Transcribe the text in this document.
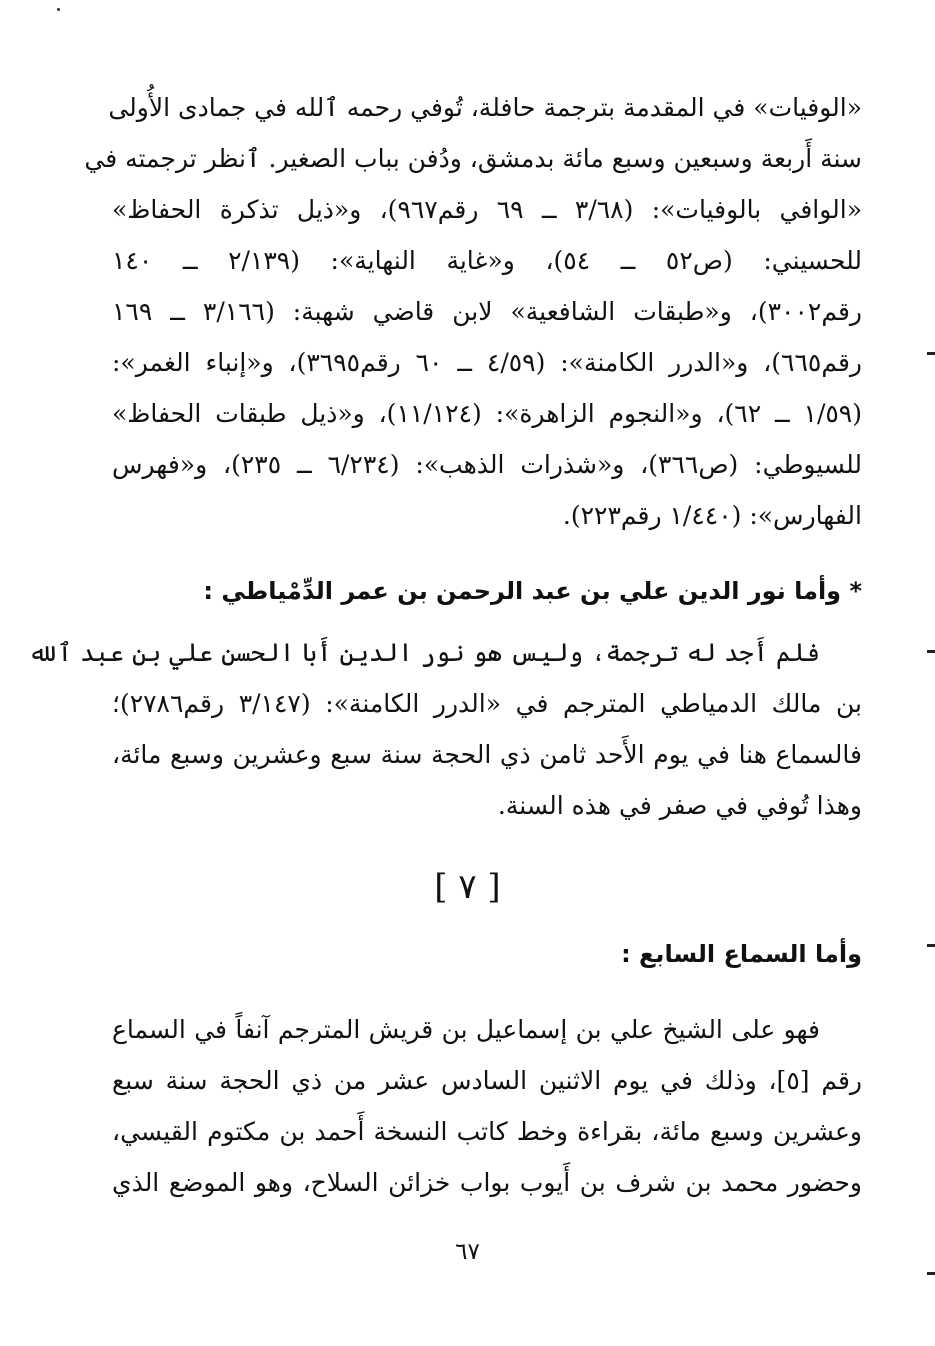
«الوفيات» في المقدمة بترجمة حافلة، تُوفي رحمه ٱلله في جمادى الأُولى
سنة أَربعة وسبعين وسبع مائة بدمشق، ودُفن بباب الصغير. ٱنظر ترجمته في
«الوافي بالوفيات»: (٣/٦٨ ــ ٦٩ رقم٩٦٧)، و«ذيل تذكرة الحفاظ»
للحسيني: (ص٥٢ ــ ٥٤)، و«غاية النهاية»: (٢/١٣٩ ــ ١٤٠
رقم٣٠٠٢)، و«طبقات الشافعية» لابن قاضي شهبة: (٣/١٦٦ ــ ١٦٩
رقم٦٦٥)، و«الدرر الكامنة»: (٤/٥٩ ــ ٦٠ رقم٣٦٩٥)، و«إنباء الغمر»:
(١/٥٩ ــ ٦٢)، و«النجوم الزاهرة»: (١١/١٢٤)، و«ذيل طبقات الحفاظ»
للسيوطي: (ص٣٦٦)، و«شذرات الذهب»: (٦/٢٣٤ ــ ٢٣٥)، و«فهرس
الفهارس»: (١/٤٤٠ رقم٢٢٣).
* وأما نور الدين علي بن عبد الرحمن بن عمر الدِّمْياطي :
فلم أَجد له ترجمة، وليس هو نور الدين أَبا الحسن علي بن عبد ٱلله
بن مالك الدمياطي المترجم في «الدرر الكامنة»: (٣/١٤٧ رقم٢٧٨٦)؛
فالسماع هنا في يوم الأَحد ثامن ذي الحجة سنة سبع وعشرين وسبع مائة،
وهذا تُوفي في صفر في هذه السنة.
[ ٧ ]
وأما السماع السابع :
فهو على الشيخ علي بن إسماعيل بن قريش المترجم آنفاً في السماع
رقم [٥]، وذلك في يوم الاثنين السادس عشر من ذي الحجة سنة سبع
وعشرين وسبع مائة، بقراءة وخط كاتب النسخة أَحمد بن مكتوم القيسي،
وحضور محمد بن شرف بن أَيوب بواب خزائن السلاح، وهو الموضع الذي
٦٧
